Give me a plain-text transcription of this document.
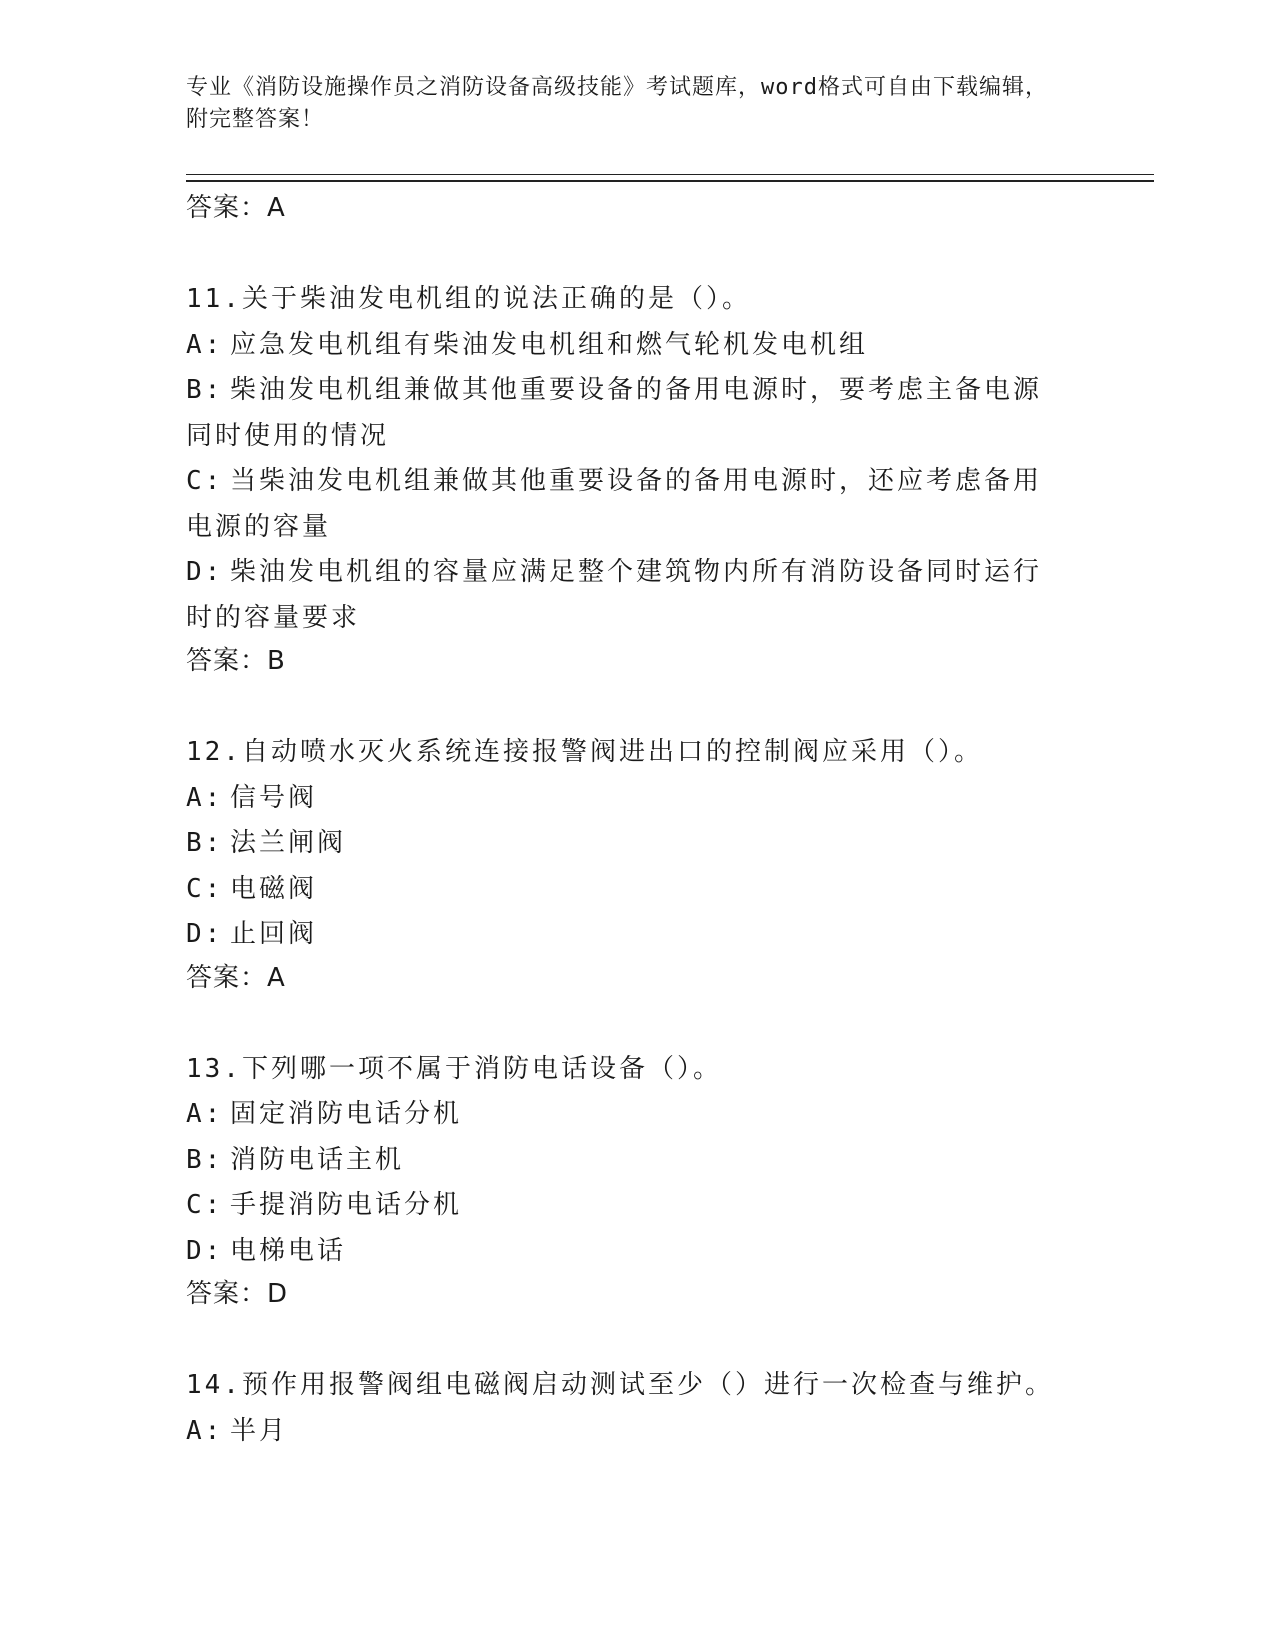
专业《消防设施操作员之消防设备高级技能》考试题库，word格式可自由下载编辑，附完整答案！

答案：A

11.关于柴油发电机组的说法正确的是（）。

A: 应急发电机组有柴油发电机组和燃气轮机发电机组

B: 柴油发电机组兼做其他重要设备的备用电源时，要考虑主备电源同时使用的情况

C: 当柴油发电机组兼做其他重要设备的备用电源时，还应考虑备用电源的容量

D: 柴油发电机组的容量应满足整个建筑物内所有消防设备同时运行时的容量要求

答案：B

12.自动喷水灭火系统连接报警阀进出口的控制阀应采用（）。

A: 信号阀

B: 法兰闸阀

C: 电磁阀

D: 止回阀

答案：A

13.下列哪一项不属于消防电话设备（）。

A: 固定消防电话分机

B: 消防电话主机

C: 手提消防电话分机

D: 电梯电话

答案：D

14.预作用报警阀组电磁阀启动测试至少（）进行一次检查与维护。

A: 半月
